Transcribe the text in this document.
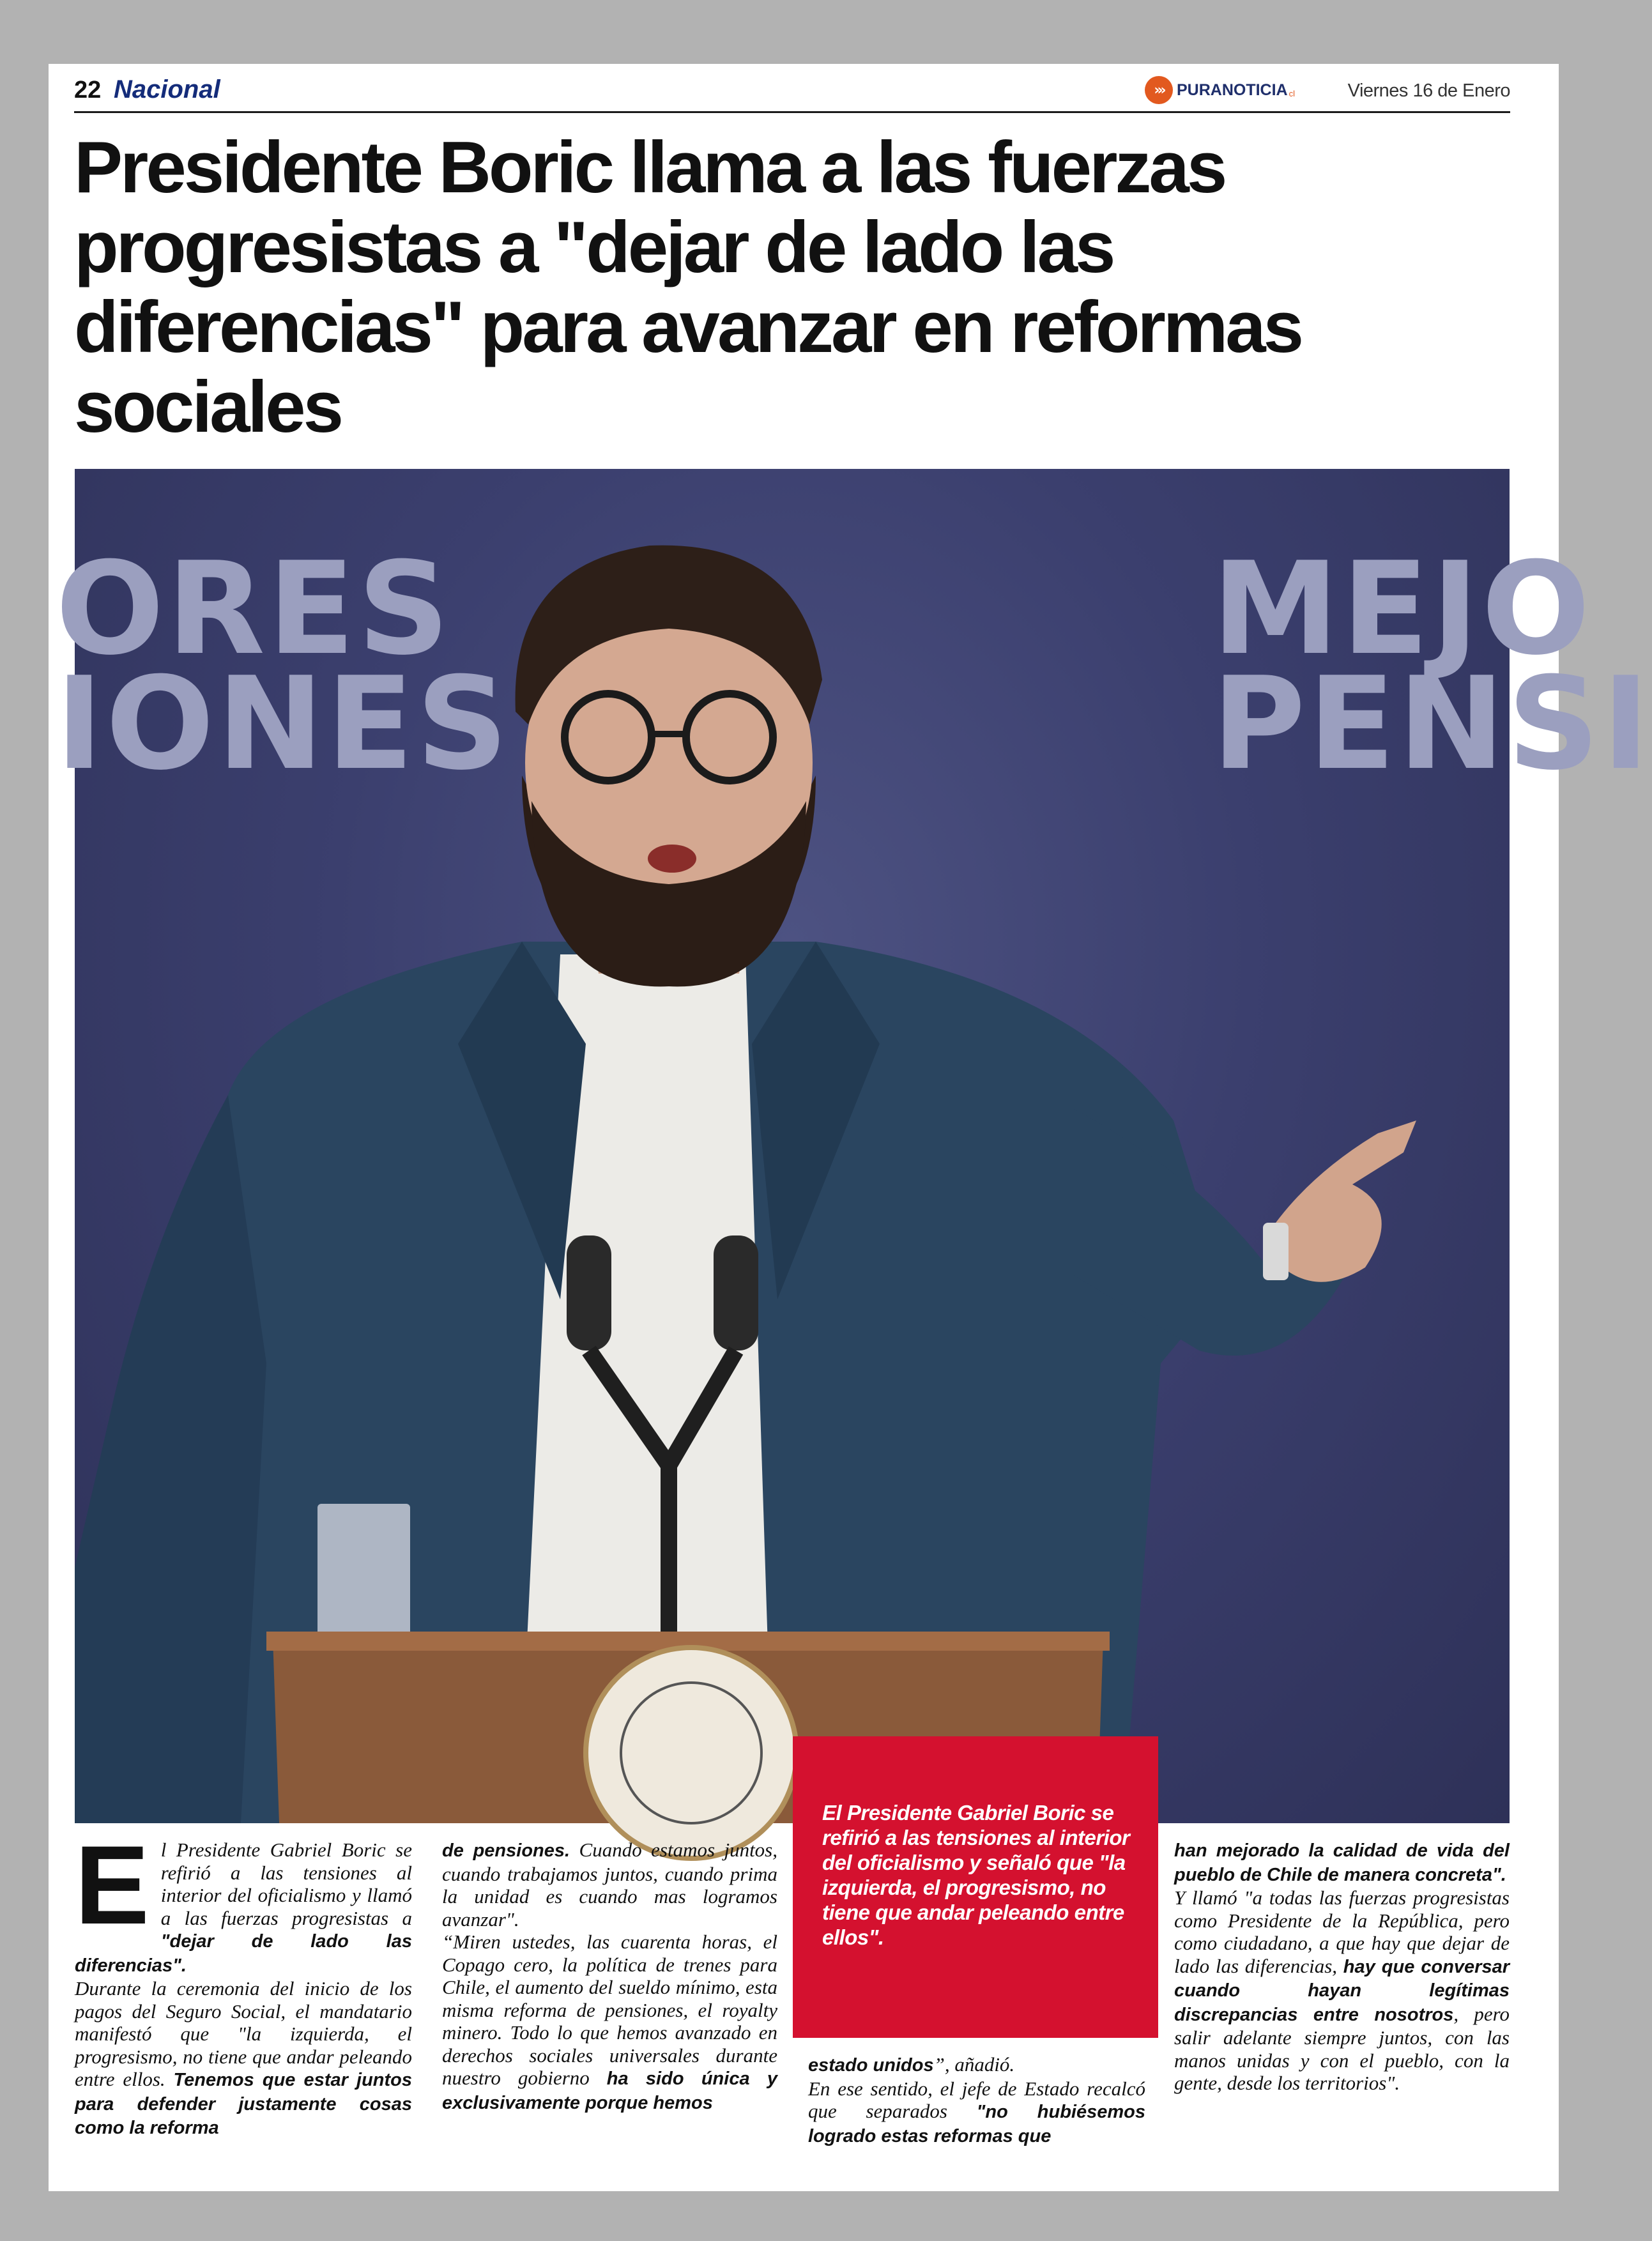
22 Nacional	››› PURANOTICIA cl	Viernes 16 de Enero
Presidente Boric llama a las fuerzas progresistas a "dejar de lado las diferencias" para avanzar en reformas sociales
ORES
IONES
MEJO
PENSI

El Presidente Gabriel Boric se refirió a las tensiones al interior del oficialismo y señaló que "la izquierda, el progresismo, no tiene que andar peleando entre ellos".

E l Presidente Gabriel Boric se refirió a las tensiones al interior del oficialismo y llamó a las fuerzas progresistas a "dejar de lado las diferencias".

Durante la ceremonia del inicio de los pagos del Seguro Social, el mandatario manifestó que "la izquierda, el progresismo, no tiene que andar peleando entre ellos. Tenemos que estar juntos para defender justamente cosas como la reforma

de pensiones. Cuando estamos juntos, cuando trabajamos juntos, cuando prima la unidad es cuando mas logramos avanzar".

“Miren ustedes, las cuarenta horas, el Copago cero, la política de trenes para Chile, el aumento del sueldo mínimo, esta misma reforma de pensiones, el royalty minero. Todo lo que hemos avanzado en derechos sociales universales durante nuestro gobierno ha sido única y exclusivamente porque hemos

estado unidos”, añadió.

En ese sentido, el jefe de Estado recalcó que separados "no hubiésemos logrado estas reformas que

han mejorado la calidad de vida del pueblo de Chile de manera concreta".

Y llamó "a todas las fuerzas progresistas como Presidente de la República, pero como ciudadano, a que hay que dejar de lado las diferencias, hay que conversar cuando hayan legítimas discrepancias entre nosotros, pero salir adelante siempre juntos, con las manos unidas y con el pueblo, con la gente, desde los territorios".
